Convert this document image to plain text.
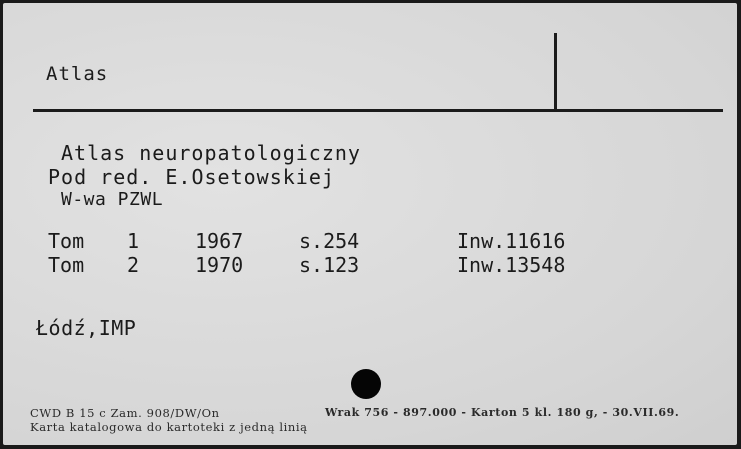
Atlas
Atlas neuropatologiczny
Pod red. E.Osetowskiej
W-wa PZWL
Tom 1	1967	s.254	Inw.11616
Tom 2	1970	s.123	Inw.13548
Łódź,IMP
CWD B 15 c Zam. 908/DW/On	Wrak 756 - 897.000 - Karton 5 kl. 180 g, - 30.VII.69.
Karta katalogowa do kartoteki z jedną linią
